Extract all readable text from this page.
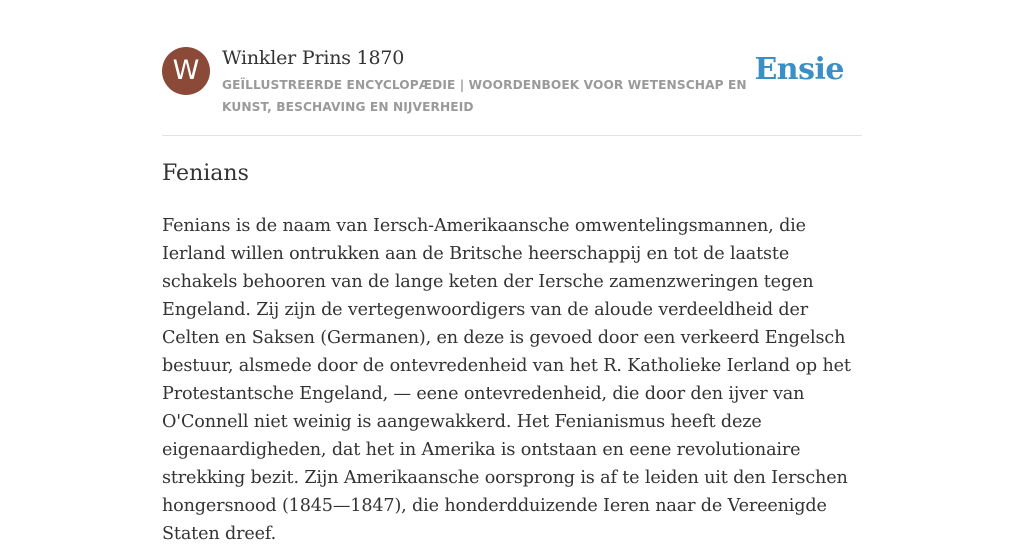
W	Winkler Prins 1870
GEÏLLUSTREERDE ENCYCLOPÆDIE | WOORDENBOEK VOOR WETENSCHAP EN KUNST, BESCHAVING EN NIJVERHEID
Ensie
Fenians

Fenians is de naam van Iersch-Amerikaansche omwentelingsmannen, die Ierland willen ontrukken aan de Britsche heerschappij en tot de laatste schakels behooren van de lange keten der Iersche zamenzweringen tegen Engeland. Zij zijn de vertegenwoordigers van de aloude verdeeldheid der Celten en Saksen (Germanen), en deze is gevoed door een verkeerd Engelsch bestuur, alsmede door de ontevredenheid van het R. Katholieke Ierland op het Protestantsche Engeland, — eene ontevredenheid, die door den ijver van O'Connell niet weinig is aangewakkerd. Het Fenianismus heeft deze eigenaardigheden, dat het in Amerika is ontstaan en eene revolutionaire strekking bezit. Zijn Amerikaansche oorsprong is af te leiden uit den Ierschen hongersnood (1845—1847), die honderdduizende Ieren naar de Vereenigde Staten dreef.
